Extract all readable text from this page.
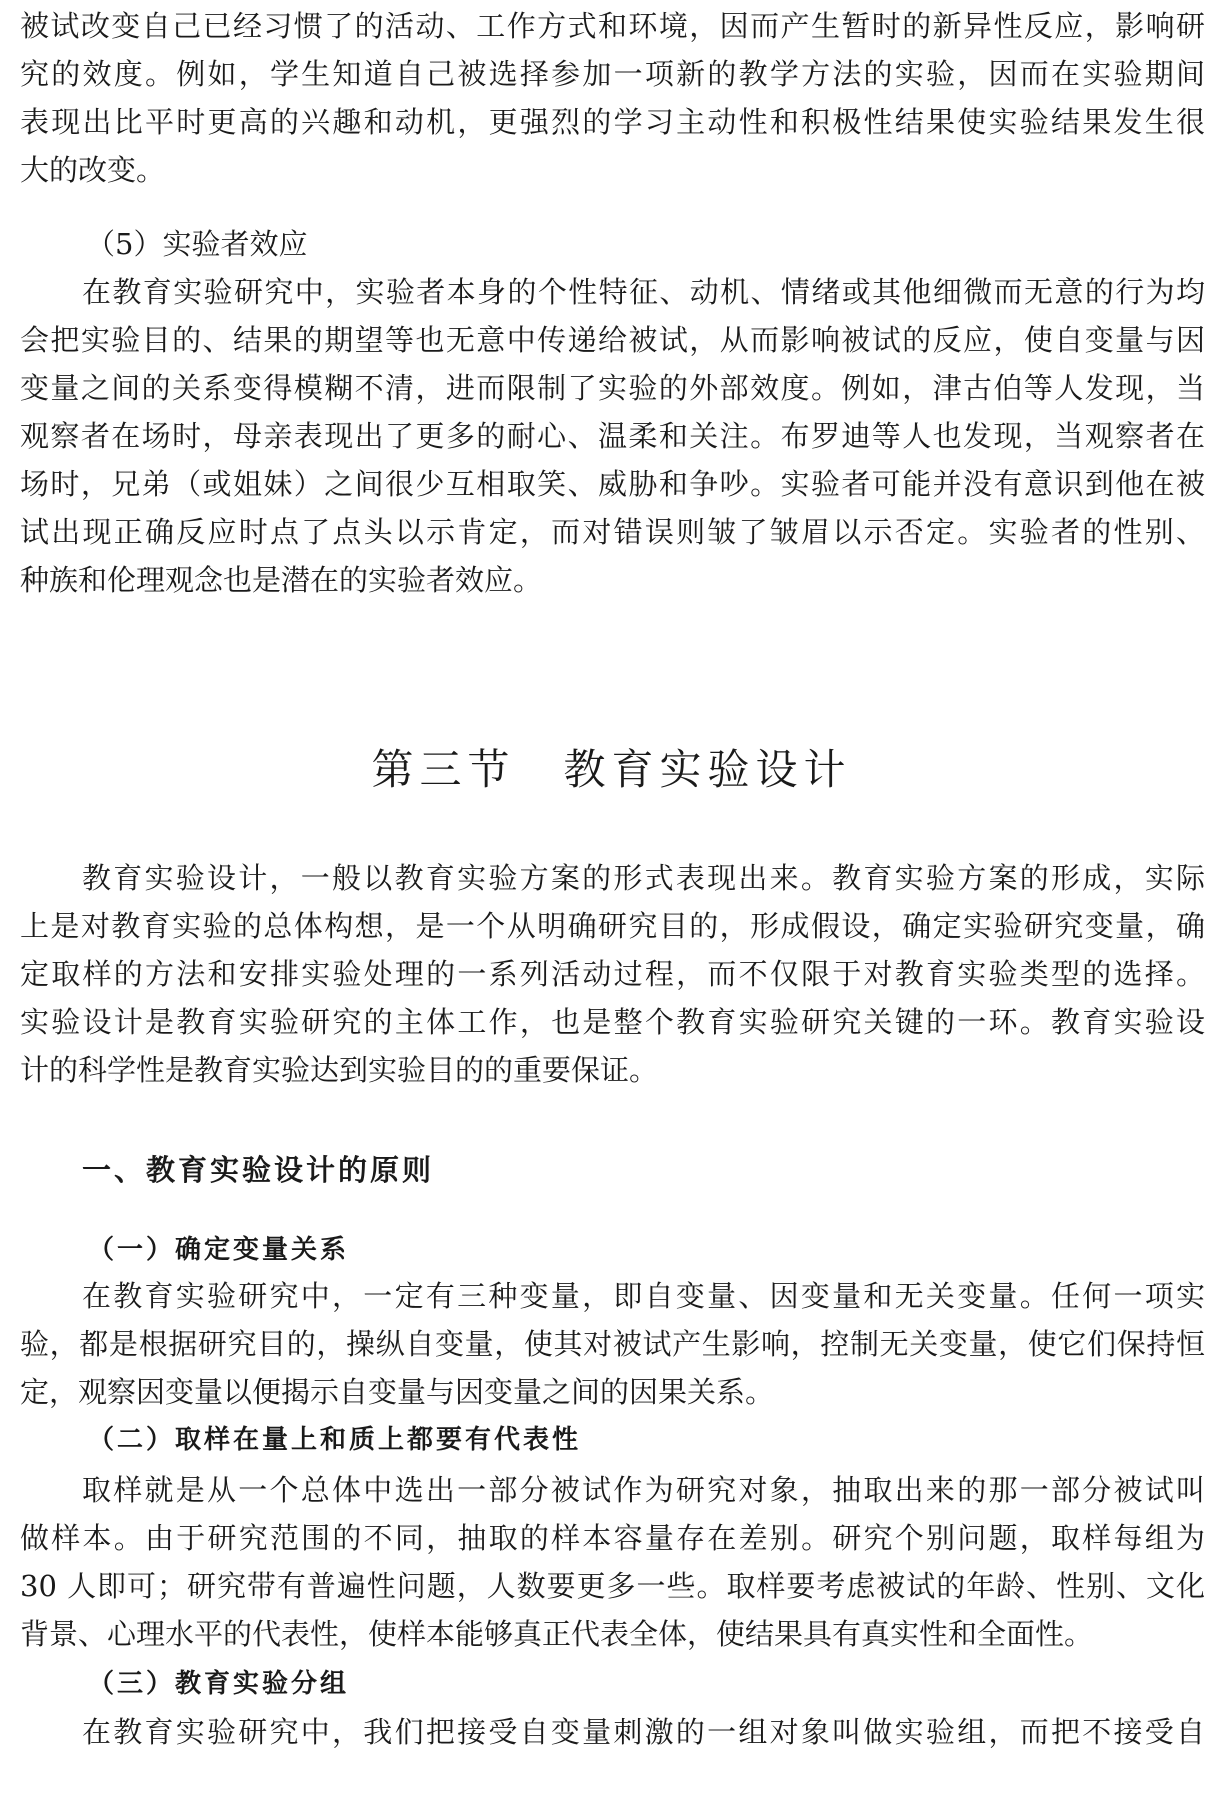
被试改变自己已经习惯了的活动、工作方式和环境，因而产生暂时的新异性反应，影响研
究的效度。例如，学生知道自己被选择参加一项新的教学方法的实验，因而在实验期间
表现出比平时更高的兴趣和动机，更强烈的学习主动性和积极性结果使实验结果发生很
大的改变。
（5）实验者效应
在教育实验研究中，实验者本身的个性特征、动机、情绪或其他细微而无意的行为均
会把实验目的、结果的期望等也无意中传递给被试，从而影响被试的反应，使自变量与因
变量之间的关系变得模糊不清，进而限制了实验的外部效度。例如，津古伯等人发现，当
观察者在场时，母亲表现出了更多的耐心、温柔和关注。布罗迪等人也发现，当观察者在
场时，兄弟（或姐妹）之间很少互相取笑、威胁和争吵。实验者可能并没有意识到他在被
试出现正确反应时点了点头以示肯定，而对错误则皱了皱眉以示否定。实验者的性别、
种族和伦理观念也是潜在的实验者效应。
第三节 教育实验设计
教育实验设计，一般以教育实验方案的形式表现出来。教育实验方案的形成，实际
上是对教育实验的总体构想，是一个从明确研究目的，形成假设，确定实验研究变量，确
定取样的方法和安排实验处理的一系列活动过程，而不仅限于对教育实验类型的选择。
实验设计是教育实验研究的主体工作，也是整个教育实验研究关键的一环。教育实验设
计的科学性是教育实验达到实验目的的重要保证。
一、教育实验设计的原则
（一）确定变量关系
在教育实验研究中，一定有三种变量，即自变量、因变量和无关变量。任何一项实
验，都是根据研究目的，操纵自变量，使其对被试产生影响，控制无关变量，使它们保持恒
定，观察因变量以便揭示自变量与因变量之间的因果关系。
（二）取样在量上和质上都要有代表性
取样就是从一个总体中选出一部分被试作为研究对象，抽取出来的那一部分被试叫
做样本。由于研究范围的不同，抽取的样本容量存在差别。研究个别问题，取样每组为
30 人即可；研究带有普遍性问题，人数要更多一些。取样要考虑被试的年龄、性别、文化
背景、心理水平的代表性，使样本能够真正代表全体，使结果具有真实性和全面性。
（三）教育实验分组
在教育实验研究中，我们把接受自变量刺激的一组对象叫做实验组，而把不接受自
